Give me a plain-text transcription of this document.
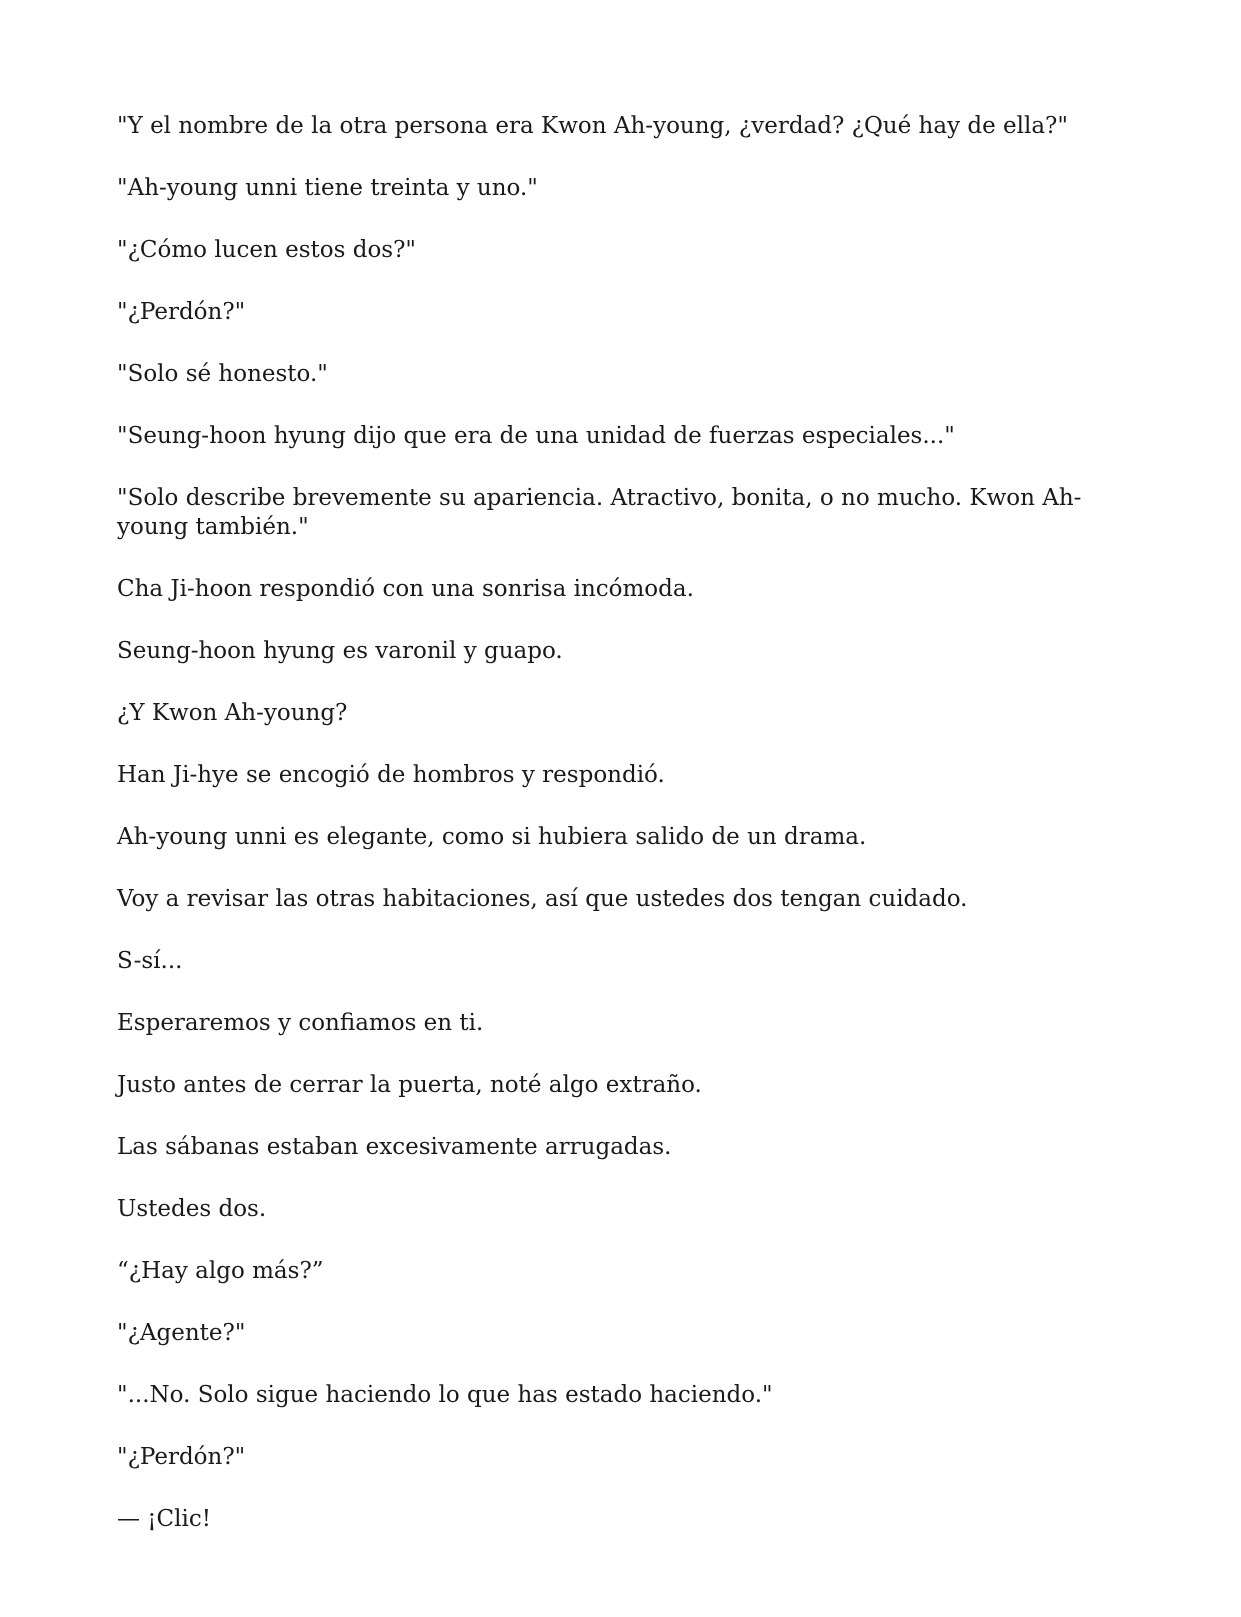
"Y el nombre de la otra persona era Kwon Ah-young, ¿verdad? ¿Qué hay de ella?"

"Ah-young unni tiene treinta y uno."

"¿Cómo lucen estos dos?"

"¿Perdón?"

"Solo sé honesto."

"Seung-hoon hyung dijo que era de una unidad de fuerzas especiales..."

"Solo describe brevemente su apariencia. Atractivo, bonita, o no mucho. Kwon Ah-young también."

Cha Ji-hoon respondió con una sonrisa incómoda.

Seung-hoon hyung es varonil y guapo.

¿Y Kwon Ah-young?

Han Ji-hye se encogió de hombros y respondió.

Ah-young unni es elegante, como si hubiera salido de un drama.

Voy a revisar las otras habitaciones, así que ustedes dos tengan cuidado.

S-sí...

Esperaremos y confiamos en ti.

Justo antes de cerrar la puerta, noté algo extraño.

Las sábanas estaban excesivamente arrugadas.

Ustedes dos.

“¿Hay algo más?”

"¿Agente?"

"...No. Solo sigue haciendo lo que has estado haciendo."

"¿Perdón?"

— ¡Clic!
